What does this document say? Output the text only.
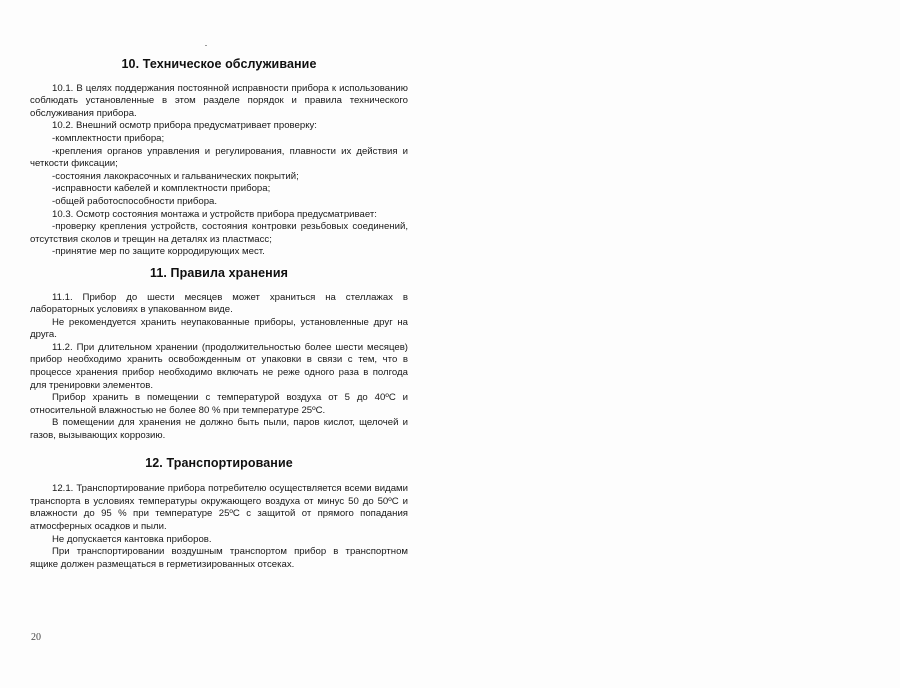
10. Техническое обслуживание

10.1. В целях поддержания постоянной исправности прибора к использованию соблюдать установленные в этом разделе порядок и правила технического обслуживания прибора.

10.2. Внешний осмотр прибора предусматривает проверку:

-комплектности прибора;

-крепления органов управления и регулирования, плавности их действия и четкости фиксации;

-состояния лакокрасочных и гальванических покрытий;

-исправности кабелей и комплектности прибора;

-общей работоспособности прибора.

10.3. Осмотр состояния монтажа и устройств прибора предусматривает:

-проверку крепления устройств, состояния контровки резьбовых соединений, отсутствия сколов и трещин на деталях из пластмасс;

-принятие мер по защите корродирующих мест.

11. Правила хранения

11.1. Прибор до шести месяцев может храниться на стеллажах в лабораторных условиях в упакованном виде.

Не рекомендуется хранить неупакованные приборы, установленные друг на друга.

11.2. При длительном хранении (продолжительностью более шести месяцев) прибор необходимо хранить освобожденным от упаковки в связи с тем, что в процессе хранения прибор необходимо включать не реже одного раза в полгода для тренировки элементов.

Прибор хранить в помещении с температурой воздуха от 5 до 40ºС и относительной влажностью не более 80 % при температуре 25ºС.

В помещении для хранения не должно быть пыли, паров кислот, щелочей и газов, вызывающих коррозию.

12. Транспортирование

12.1. Транспортирование прибора потребителю осуществляется всеми видами транспорта в условиях температуры окружающего воздуха от минус 50 до 50ºС и влажности до 95 % при температуре 25ºС с защитой от прямого попадания атмосферных осадков и пыли.

Не допускается кантовка приборов.

При транспортировании воздушным транспортом прибор в транспортном ящике должен размещаться в герметизированных отсеках.

20
